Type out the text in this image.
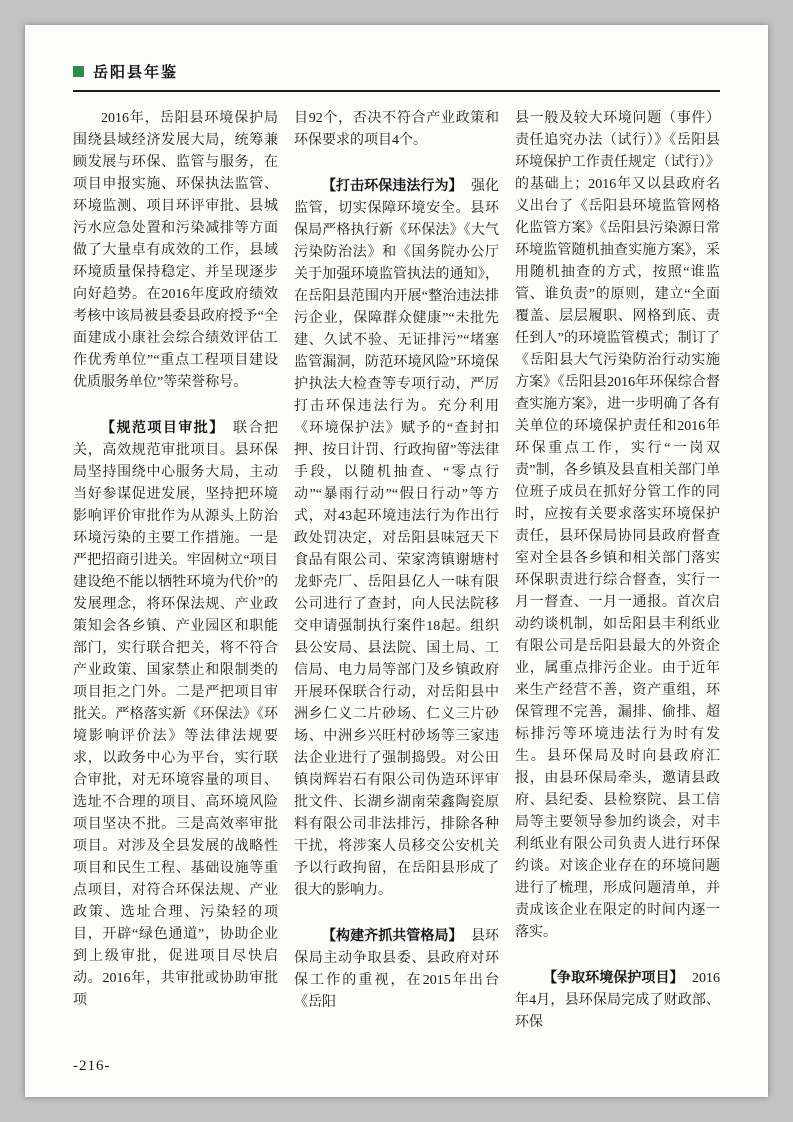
岳阳县年鉴

2016年，岳阳县环境保护局围绕县域经济发展大局，统筹兼顾发展与环保、监管与服务，在项目申报实施、环保执法监管、环境监测、项目环评审批、县城污水应急处置和污染减排等方面做了大量卓有成效的工作，县域环境质量保持稳定、并呈现逐步向好趋势。在2016年度政府绩效考核中该局被县委县政府授予“全面建成小康社会综合绩效评估工作优秀单位”“重点工程项目建设优质服务单位”等荣誉称号。

【规范项目审批】 联合把关，高效规范审批项目。县环保局坚持围绕中心服务大局，主动当好参谋促进发展，坚持把环境影响评价审批作为从源头上防治环境污染的主要工作措施。一是严把招商引进关。牢固树立“项目建设绝不能以牺牲环境为代价”的发展理念，将环保法规、产业政策知会各乡镇、产业园区和职能部门，实行联合把关，将不符合产业政策、国家禁止和限制类的项目拒之门外。二是严把项目审批关。严格落实新《环保法》《环境影响评价法》等法律法规要求，以政务中心为平台，实行联合审批，对无环境容量的项目、选址不合理的项目、高环境风险项目坚决不批。三是高效率审批项目。对涉及全县发展的战略性项目和民生工程、基础设施等重点项目，对符合环保法规、产业政策、选址合理、污染轻的项目，开辟“绿色通道”，协助企业到上级审批，促进项目尽快启动。2016年，共审批或协助审批项

目92个，否决不符合产业政策和环保要求的项目4个。

【打击环保违法行为】 强化监管，切实保障环境安全。县环保局严格执行新《环保法》《大气污染防治法》和《国务院办公厅关于加强环境监管执法的通知》，在岳阳县范围内开展“整治违法排污企业，保障群众健康”“未批先建、久试不验、无证排污”“堵塞监管漏洞，防范环境风险”环境保护执法大检查等专项行动，严厉打击环保违法行为。充分利用《环境保护法》赋予的“查封扣押、按日计罚、行政拘留”等法律手段，以随机抽查、“零点行动”“暴雨行动”“假日行动”等方式，对43起环境违法行为作出行政处罚决定，对岳阳县味冠天下食品有限公司、荣家湾镇谢塘村龙虾壳厂、岳阳县亿人一味有限公司进行了查封，向人民法院移交申请强制执行案件18起。组织县公安局、县法院、国土局、工信局、电力局等部门及乡镇政府开展环保联合行动，对岳阳县中洲乡仁义二片砂场、仁义三片砂场、中洲乡兴旺村砂场等三家违法企业进行了强制捣毁。对公田镇岗辉岩石有限公司伪造环评审批文件、长湖乡湖南荣鑫陶瓷原料有限公司非法排污，排除各种干扰，将涉案人员移交公安机关予以行政拘留，在岳阳县形成了很大的影响力。

【构建齐抓共管格局】 县环保局主动争取县委、县政府对环保工作的重视，在2015年出台《岳阳

县一般及较大环境问题（事件）责任追究办法（试行）》《岳阳县环境保护工作责任规定（试行）》的基础上；2016年又以县政府名义出台了《岳阳县环境监管网格化监管方案》《岳阳县污染源日常环境监管随机抽查实施方案》，采用随机抽查的方式，按照“谁监管、谁负责”的原则，建立“全面覆盖、层层履职、网格到底、责任到人”的环境监管模式；制订了《岳阳县大气污染防治行动实施方案》《岳阳县2016年环保综合督查实施方案》，进一步明确了各有关单位的环境保护责任和2016年环保重点工作，实行“一岗双责”制，各乡镇及县直相关部门单位班子成员在抓好分管工作的同时，应按有关要求落实环境保护责任，县环保局协同县政府督查室对全县各乡镇和相关部门落实环保职责进行综合督查，实行一月一督查、一月一通报。首次启动约谈机制，如岳阳县丰利纸业有限公司是岳阳县最大的外资企业，属重点排污企业。由于近年来生产经营不善，资产重组，环保管理不完善，漏排、偷排、超标排污等环境违法行为时有发生。县环保局及时向县政府汇报，由县环保局牵头，邀请县政府、县纪委、县检察院、县工信局等主要领导参加约谈会，对丰利纸业有限公司负责人进行环保约谈。对该企业存在的环境问题进行了梳理，形成问题清单，并责成该企业在限定的时间内逐一落实。

【争取环境保护项目】 2016年4月，县环保局完成了财政部、环保

-216-
